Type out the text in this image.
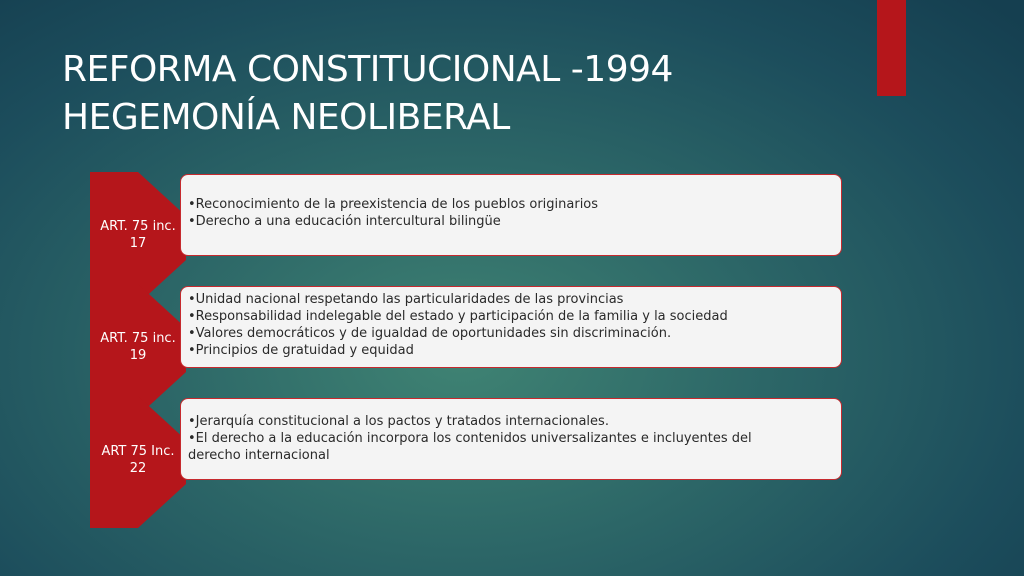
REFORMA CONSTITUCIONAL -1994
HEGEMONÍA NEOLIBERAL
ART. 75 inc.
17
•Reconocimiento de la preexistencia de los pueblos originarios
•Derecho a una educación intercultural bilingüe
ART. 75 inc.
19
•Unidad nacional respetando las particularidades de las provincias
•Responsabilidad indelegable del estado y participación de la familia y la sociedad
•Valores democráticos y de igualdad de oportunidades sin discriminación.
•Principios de gratuidad y equidad
ART 75 Inc.
22
•Jerarquía constitucional a los pactos y tratados internacionales.
•El derecho a la educación incorpora los contenidos universalizantes e incluyentes del
derecho internacional
